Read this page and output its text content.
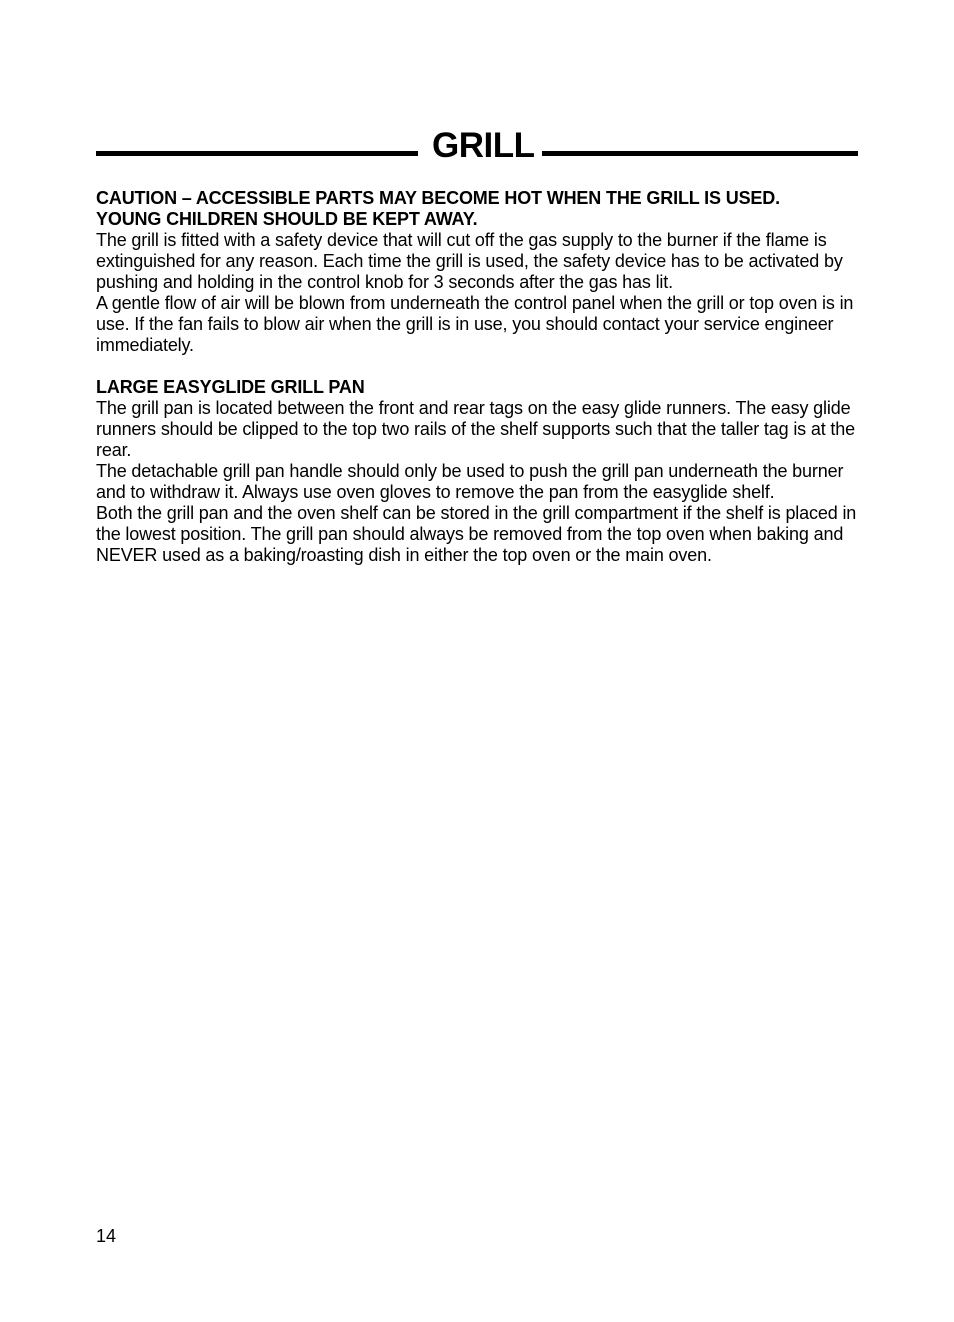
GRILL

CAUTION – ACCESSIBLE PARTS MAY BECOME HOT WHEN THE GRILL IS USED.

YOUNG CHILDREN SHOULD BE KEPT AWAY.

The grill is fitted with a safety device that will cut off the gas supply to the burner if the flame is extinguished for any reason. Each time the grill is used, the safety device has to be activated by pushing and holding in the control knob for 3 seconds after the gas has lit.

A gentle flow of air will be blown from underneath the control panel when the grill or top oven is in use. If the fan fails to blow air when the grill is in use, you should contact your service engineer immediately.

LARGE EASYGLIDE GRILL PAN

The grill pan is located between the front and rear tags on the easy glide runners. The easy glide runners should be clipped to the top two rails of the shelf supports such that the taller tag is at the rear.

The detachable grill pan handle should only be used to push the grill pan underneath the burner and to withdraw it. Always use oven gloves to remove the pan from the easyglide shelf.

Both the grill pan and the oven shelf can be stored in the grill compartment if the shelf is placed in the lowest position. The grill pan should always be removed from the top oven when baking and NEVER used as a baking/roasting dish in either the top oven or the main oven.

14
